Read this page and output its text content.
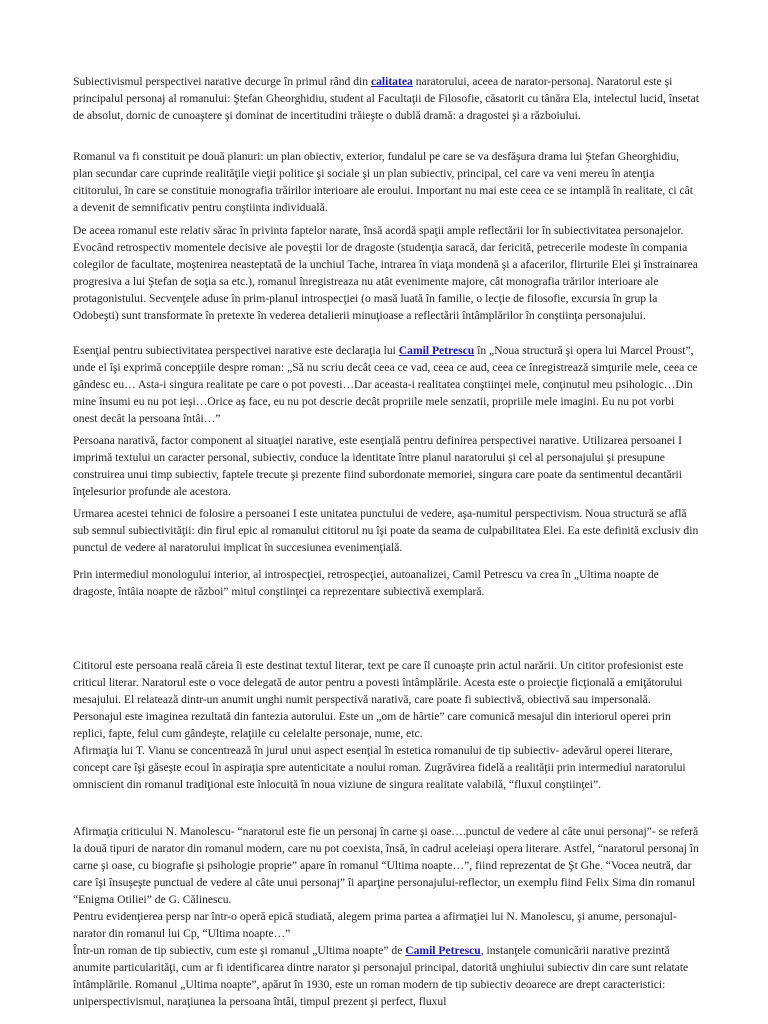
Subiectivismul perspectivei narative decurge în primul rând din calitatea naratorului, aceea de narator-personaj. Naratorul este şi principalul personaj al romanului: Ştefan Gheorghidiu, student al Facultaţii de Filosofie, căsatorit cu tânăra Ela, intelectul lucid, însetat de absolut, dornic de cunoaştere şi dominat de incertitudini trăieşte o dublă dramă: a dragostei şi a războiului.
Romanul va fi constituit pe două planuri: un plan obiectiv, exterior, fundalul pe care se va desfăşura drama lui Ştefan Gheorghidiu, plan secundar care cuprinde realităţile vieţii politice şi sociale şi un plan subiectiv, principal, cel care va veni mereu în atenţia cititorului, în care se constituie monografia trăirilor interioare ale eroului. Important nu mai este ceea ce se intamplă în realitate, ci cât a devenit de semnificativ pentru conştiinta individuală.
De aceea romanul este relativ sărac în privinta faptelor narate, însă acordă spaţii ample reflectării lor în subiectivitatea personajelor. Evocând retrospectiv momentele decisive ale poveştii lor de dragoste (studenţia saracă, dar fericită, petrecerile modeste în compania colegilor de facultate, moştenirea neasteptată de la unchiul Tache, intrarea în viaţa mondenă şi a afacerilor, flirturile Elei şi înstrainarea progresiva a lui Ştefan de soţia sa etc.), romanul înregistreaza nu atât evenimente majore, cât monografia trărilor interioare ale protagonistului. Secvenţele aduse în prim-planul introspecţiei (o masă luată în familie, o lecţie de filosofie, excursia în grup la Odobeşti) sunt transformate în pretexte în vederea detalierii minuţioase a reflectării întâmplărilor în conştiinţa personajului.
Esenţial pentru subiectivitatea perspectivei narative este declaraţia lui Camil Petrescu în „Noua structură şi opera lui Marcel Proust”, unde el îşi exprimă concepţiile despre roman: „Să nu scriu decât ceea ce vad, ceea ce aud, ceea ce înregistrează simţurile mele, ceea ce gândesc eu… Asta-i singura realitate pe care o pot povesti…Dar aceasta-i realitatea conştiinţei mele, conţinutul meu psihologic…Din mine însumi eu nu pot ieşi…Orice aş face, eu nu pot descrie decât propriile mele senzatii, propriile mele imagini. Eu nu pot vorbi onest decât la persoana întâi…”
Persoana narativă, factor component al situaţiei narative, este esenţială pentru definirea perspectivei narative. Utilizarea persoanei I imprimă textului un caracter personal, subiectiv, conduce la identitate între planul naratorului şi cel al personajului şi presupune construirea unui timp subiectiv, faptele trecute şi prezente fiind subordonate memoriei, singura care poate da sentimentul decantării înţelesurior profunde ale acestora.
Urmarea acestei tehnici de folosire a persoanei I este unitatea punctului de vedere, aşa-numitul perspectivism. Noua structură se află sub semnul subiectivităţii: din firul epic al romanului cititorul nu îşi poate da seama de culpabilitatea Elei. Ea este definită exclusiv din punctul de vedere al naratorului implicat în succesiunea evenimenţială.
Prin intermediul monologului interior, al introspecţiei, retrospecţiei, autoanalizei, Camil Petrescu va crea în „Ultima noapte de dragoste, întâia noapte de război” mitul conştiinţei ca reprezentare subiectivă exemplară.
Cititorul este persoana reală căreia îi este destinat textul literar, text pe care îl cunoaşte prin actul narării. Un cititor profesionist este criticul literar. Naratorul este o voce delegată de autor pentru a povesti întâmplările. Acesta este o proiecţie ficţională a emiţătorului mesajului. El relatează dintr-un anumit unghi numit perspectivă narativă, care poate fi subiectivă, obiectivă sau impersonală. Personajul este imaginea rezultată din fantezia autorului. Este un „om de hârtie” care comunică mesajul din interiorul operei prin replici, fapte, felul cum gândeşte, relaţiile cu celelalte personaje, nume, etc.
Afirmaţia lui T. Vianu se concentrează în jurul unui aspect esenţial în estetica romanului de tip subiectiv- adevărul operei literare, concept care îşi găseşte ecoul în aspiraţia spre autenticitate a noului roman. Zugrăvirea fidelă a realităţii prin intermediul naratorului omniscient din romanul tradiţional este înlocuită în noua viziune de singura realitate valabilă, “fluxul conştiinţei”.
Afirmaţia criticului N. Manolescu- “naratorul este fie un personaj în carne şi oase….punctul de vedere al câte unui personaj”- se referă la două tipuri de narator din romanul modern, care nu pot coexista, însă, în cadrul aceleiaşi opera literare. Astfel, “naratorul personaj în carne şi oase, cu biografie şi psihologie proprie” apare în romanul “Ultima noapte…”, fiind reprezentat de Şt Ghe. “Vocea neutră, dar care îşi însuşeşte punctual de vedere al câte unui personaj” îi aparţine personajului-reflector, un exemplu fiind Felix Sima din romanul “Enigma Otiliei” de G. Călinescu.
Pentru evidenţierea persp nar într-o operă epică studiată, alegem prima partea a afirmaţiei lui N. Manolescu, şi anume, personajul-narator din romanul lui Cp, “Ultima noapte…”
Într-un roman de tip subiectiv, cum este şi romanul „Ultima noapte” de Camil Petrescu, instanţele comunicării narative prezintă anumite particularităţi, cum ar fi identificarea dintre narator şi personajul principal, datorită unghiului subiectiv din care sunt relatate întâmplările. Romanul „Ultima noapte”, apărut în 1930, este un roman modern de tip subiectiv deoarece are drept caracteristici: uniperspectivismul, naraţiunea la persoana întâi, timpul prezent şi perfect, fluxul
